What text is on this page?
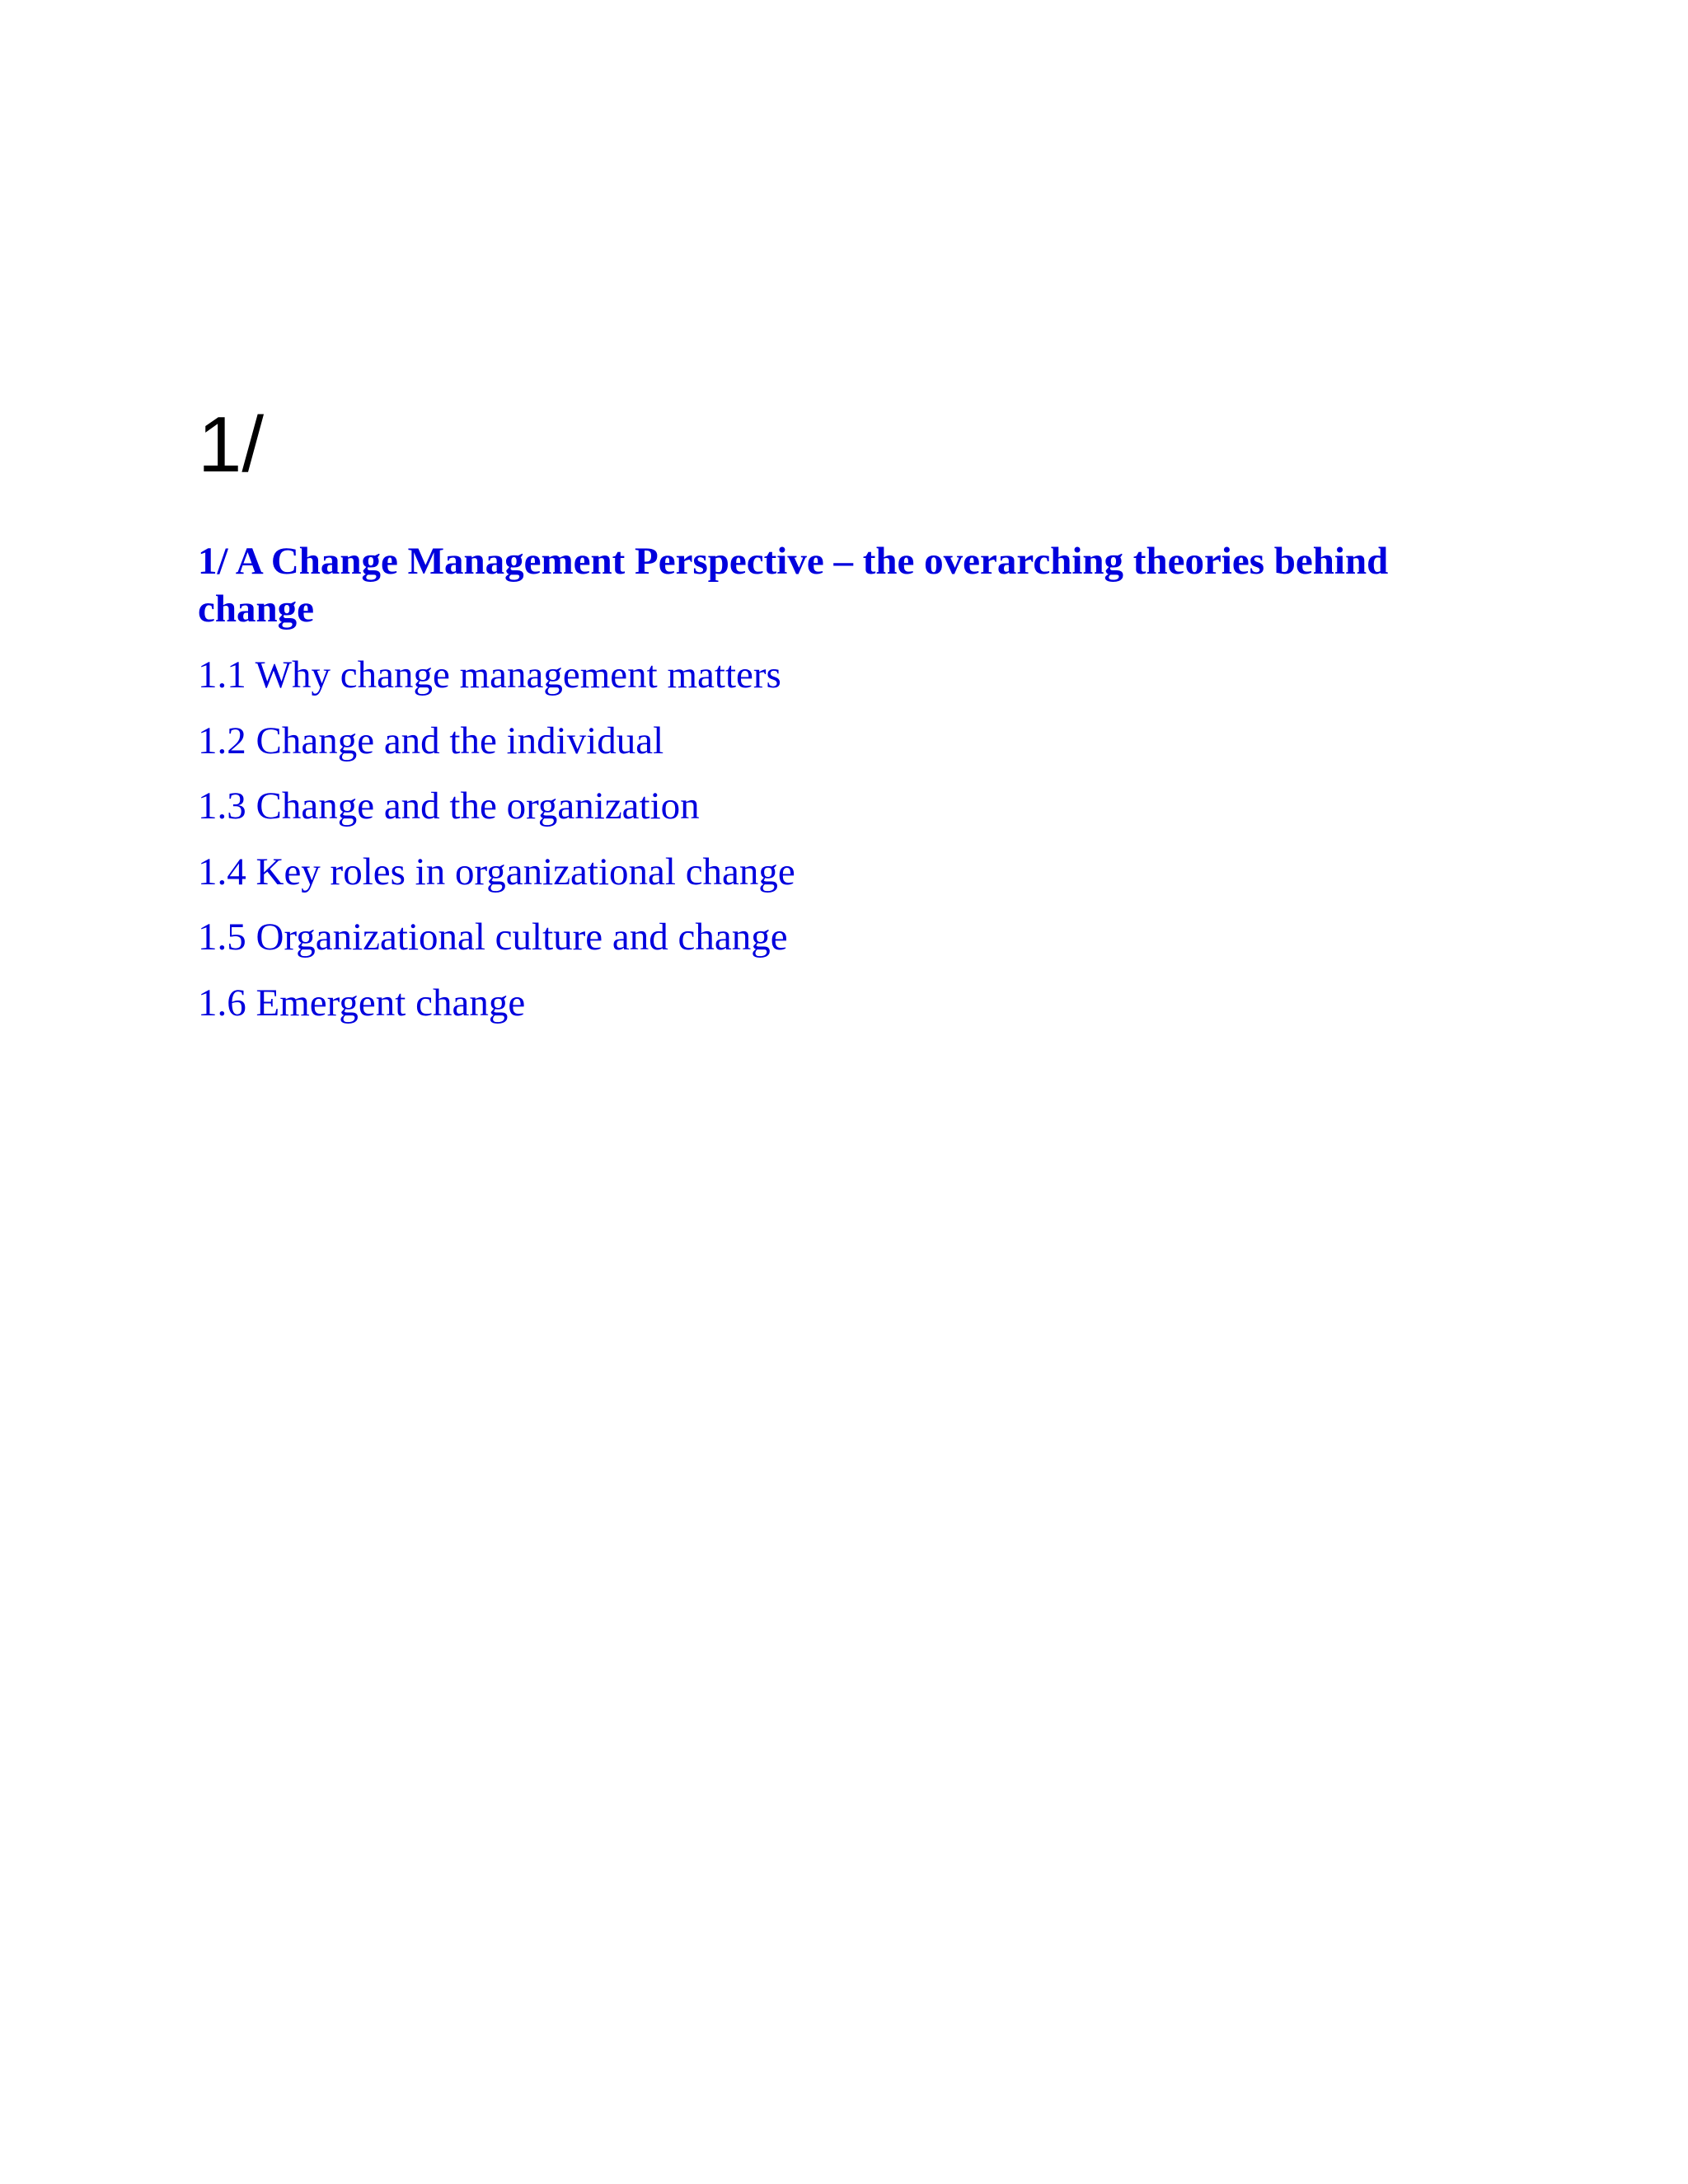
1/
1/ A Change Management Perspective – the overarching theories behind change
1.1 Why change management matters
1.2 Change and the individual
1.3 Change and the organization
1.4 Key roles in organizational change
1.5 Organizational culture and change
1.6 Emergent change
